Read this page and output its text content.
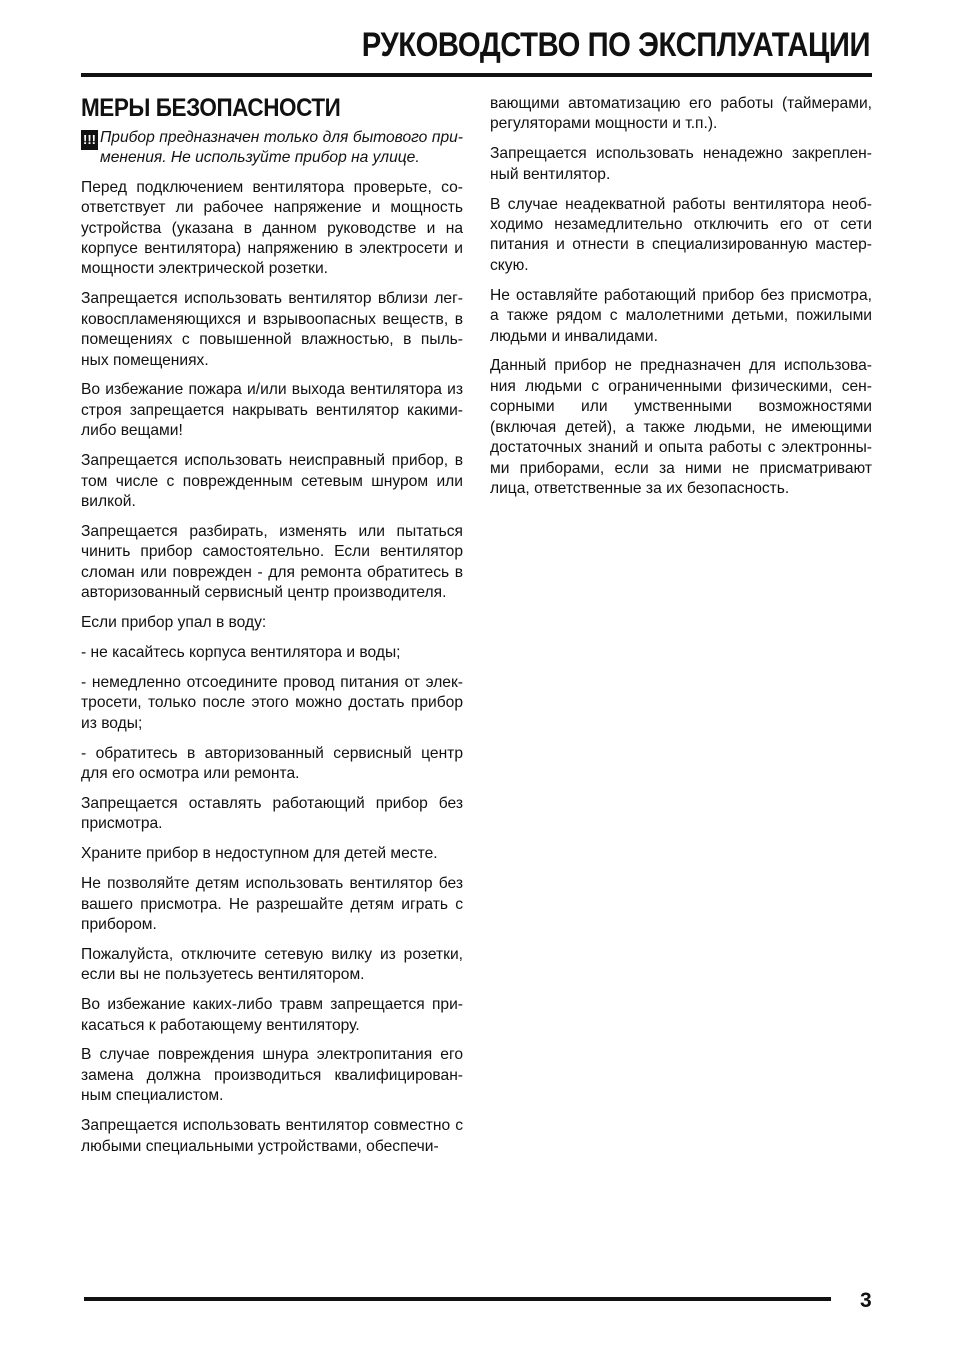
РУКОВОДСТВО ПО ЭКСПЛУАТАЦИИ
МЕРЫ БЕЗОПАСНОСТИ
!!! Прибор предназначен только для бытового при-менения. Не используйте прибор на улице.

Перед подключением вентилятора проверьте, со-ответствует ли рабочее напряжение и мощность устройства (указана в данном руководстве и на корпусе вентилятора) напряжению в электросети и мощности электрической розетки.

Запрещается использовать вентилятор вблизи лег-ковоспламеняющихся и взрывоопасных веществ, в помещениях с повышенной влажностью, в пыль-ных помещениях.

Во избежание пожара и/или выхода вентилятора из строя запрещается накрывать вентилятор какими-либо вещами!

Запрещается использовать неисправный прибор, в том числе с поврежденным сетевым шнуром или вилкой.

Запрещается разбирать, изменять или пытаться чинить прибор самостоятельно. Если вентилятор сломан или поврежден - для ремонта обратитесь в авторизованный сервисный центр производителя.

Если прибор упал в воду:

- не касайтесь корпуса вентилятора и воды;

- немедленно отсоедините провод питания от элек-тросети, только после этого можно достать прибор из воды;

- обратитесь в авторизованный сервисный центр для его осмотра или ремонта.

Запрещается оставлять работающий прибор без присмотра.

Храните прибор в недоступном для детей месте.

Не позволяйте детям использовать вентилятор без вашего присмотра. Не разрешайте детям играть с прибором.

Пожалуйста, отключите сетевую вилку из розетки, если вы не пользуетесь вентилятором.

Во избежание каких-либо травм запрещается при-касаться к работающему вентилятору.

В случае повреждения шнура электропитания его замена должна производиться квалифицирован-ным специалистом.

Запрещается использовать вентилятор совместно с любыми специальными устройствами, обеспечи-

вающими автоматизацию его работы (таймерами, регуляторами мощности и т.п.).

Запрещается использовать ненадежно закреплен-ный вентилятор.

В случае неадекватной работы вентилятора необ-ходимо незамедлительно отключить его от сети питания и отнести в специализированную мастер-скую.

Не оставляйте работающий прибор без присмотра, а также рядом с малолетними детьми, пожилыми людьми и инвалидами.

Данный прибор не предназначен для использова-ния людьми с ограниченными физическими, сен-сорными или умственными возможностями (включая детей), а также людьми, не имеющими достаточных знаний и опыта работы с электронны-ми приборами, если за ними не присматривают лица, ответственные за их безопасность.

3
